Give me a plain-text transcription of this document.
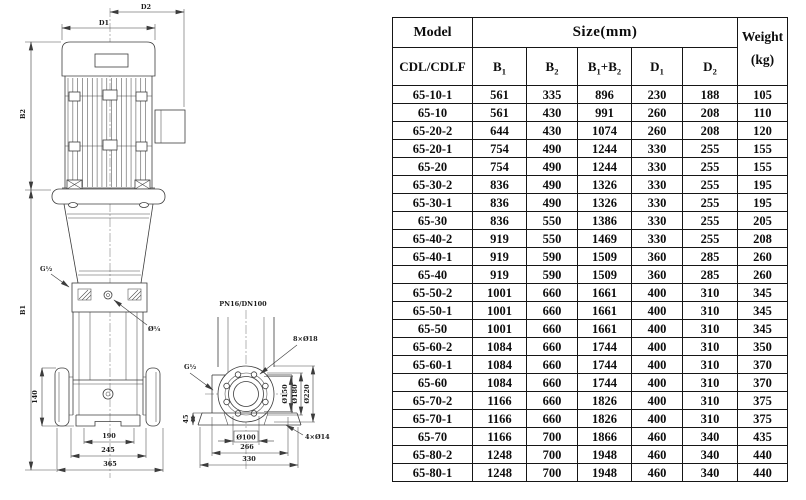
G½
Ø¼
D1
D2
B2
B1
140
190
245
365
PN16/DN100
45
Ø150 Ø180 Ø220
8×Ø18
G½
4×Ø14
Ø100
266
330
Model	Size(mm)					Weight
(kg)
CDL/CDLF	$B_1$	$B_2$	$B_1+B_2$	$D_1$	$D_2$
65-10-1	561	335	896	230	188	105
65-10	561	430	991	260	208	110
65-20-2	644	430	1074	260	208	120
65-20-1	754	490	1244	330	255	155
65-20	754	490	1244	330	255	155
65-30-2	836	490	1326	330	255	195
65-30-1	836	490	1326	330	255	195
65-30	836	550	1386	330	255	205
65-40-2	919	550	1469	330	255	208
65-40-1	919	590	1509	360	285	260
65-40	919	590	1509	360	285	260
65-50-2	1001	660	1661	400	310	345
65-50-1	1001	660	1661	400	310	345
65-50	1001	660	1661	400	310	345
65-60-2	1084	660	1744	400	310	350
65-60-1	1084	660	1744	400	310	370
65-60	1084	660	1744	400	310	370
65-70-2	1166	660	1826	400	310	375
65-70-1	1166	660	1826	400	310	375
65-70	1166	700	1866	460	340	435
65-80-2	1248	700	1948	460	340	440
65-80-1	1248	700	1948	460	340	440
